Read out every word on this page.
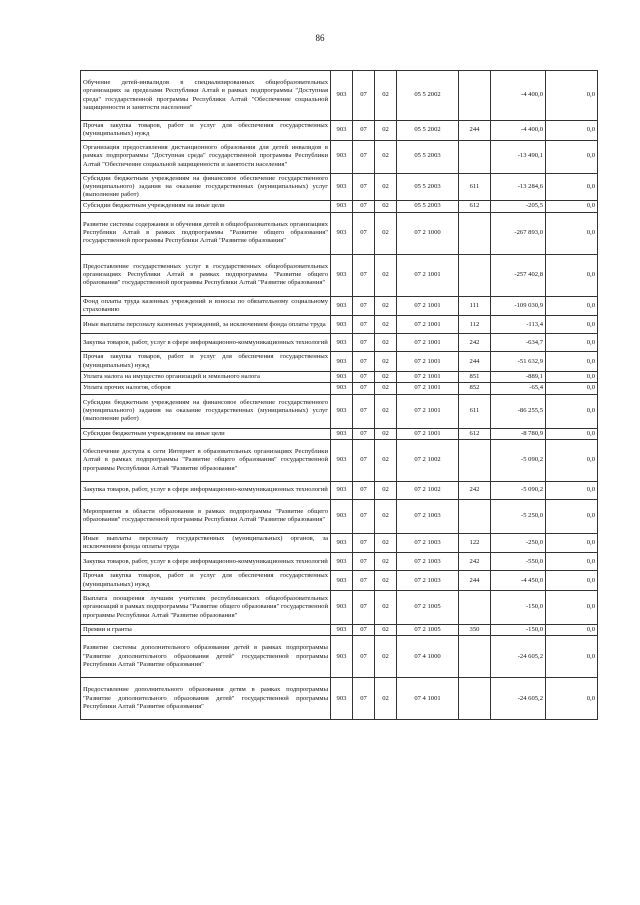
86
Обучение детей-инвалидов в специализированных общеобразовательных организациях за пределами Республики Алтай в рамках подпрограммы "Доступная среда" государственной программы Республики Алтай "Обеспечение социальной защищенности и занятости населения"	903	07	02	05 5 2002		-4 400,0	0,0
Прочая закупка товаров, работ и услуг для обеспечения государственных (муниципальных) нужд	903	07	02	05 5 2002	244	-4 400,0	0,0
Организация предоставления дистанционного образования для детей инвалидов в рамках подпрограммы "Доступная среда" государственной программы Республики Алтай "Обеспечение социальной защищенности и занятости населения"	903	07	02	05 5 2003		-13 490,1	0,0
Субсидии бюджетным учреждениям на финансовое обеспечение государственного (муниципального) задания на оказание государственных (муниципальных) услуг (выполнение работ)	903	07	02	05 5 2003	611	-13 284,6	0,0
Субсидии бюджетным учреждениям на иные цели	903	07	02	05 5 2003	612	-205,5	0,0
Развитие системы содержания и обучения детей в общеобразовательных организациях Республики Алтай в рамках подпрограммы "Развитие общего образования" государственной программы Республики Алтай "Развитие образования"	903	07	02	07 2 1000		-267 893,0	0,0
Предоставление государственных услуг в государственных общеобразовательных организациях Республики Алтай в рамках подпрограммы "Развитие общего образования" государственной программы Республики Алтай "Развитие образования"	903	07	02	07 2 1001		-257 402,8	0,0
Фонд оплаты труда казенных учреждений и взносы по обязательному социальному страхованию	903	07	02	07 2 1001	111	-109 030,9	0,0
Иные выплаты персоналу казенных учреждений, за исключением фонда оплаты труда	903	07	02	07 2 1001	112	-113,4	0,0
Закупка товаров, работ, услуг в сфере информационно-коммуникационных технологий	903	07	02	07 2 1001	242	-634,7	0,0
Прочая закупка товаров, работ и услуг для обеспечения государственных (муниципальных) нужд	903	07	02	07 2 1001	244	-51 632,9	0,0
Уплата налога на имущество организаций и земельного налога	903	07	02	07 2 1001	851	-889,1	0,0
Уплата прочих налогов, сборов	903	07	02	07 2 1001	852	-65,4	0,0
Субсидии бюджетным учреждениям на финансовое обеспечение государственного (муниципального) задания на оказание государственных (муниципальных) услуг (выполнение работ)	903	07	02	07 2 1001	611	-86 255,5	0,0
Субсидии бюджетным учреждениям на иные цели	903	07	02	07 2 1001	612	-8 780,9	0,0
Обеспечение доступа к сети Интернет в образовательных организациях Республики Алтай в рамках подпрограммы "Развитие общего образования" государственной программы Республики Алтай "Развитие образования"	903	07	02	07 2 1002		-5 090,2	0,0
Закупка товаров, работ, услуг в сфере информационно-коммуникационных технологий	903	07	02	07 2 1002	242	-5 090,2	0,0
Мероприятия в области образования в рамках подпрограммы "Развитие общего образования" государственной программы Республики Алтай "Развитие образования"	903	07	02	07 2 1003		-5 250,0	0,0
Иные выплаты персоналу государственных (муниципальных) органов, за исключением фонда оплаты труда	903	07	02	07 2 1003	122	-250,0	0,0
Закупка товаров, работ, услуг в сфере информационно-коммуникационных технологий	903	07	02	07 2 1003	242	-550,0	0,0
Прочая закупка товаров, работ и услуг для обеспечения государственных (муниципальных) нужд	903	07	02	07 2 1003	244	-4 450,0	0,0
Выплата поощрения лучшим учителям республиканских общеобразовательных организаций в рамках подпрограммы "Развитие общего образования" государственной программы Республики Алтай "Развитие образования"	903	07	02	07 2 1005		-150,0	0,0
Премии и гранты	903	07	02	07 2 1005	350	-150,0	0,0
Развитие системы дополнительного образования детей в рамках подпрограммы "Развитие дополнительного образования детей" государственной программы Республики Алтай "Развитие образования"	903	07	02	07 4 1000		-24 605,2	0,0
Предоставление дополнительного образования детям в рамках подпрограммы "Развитие дополнительного образования детей" государственной программы Республики Алтай "Развитие образования"	903	07	02	07 4 1001		-24 605,2	0,0
